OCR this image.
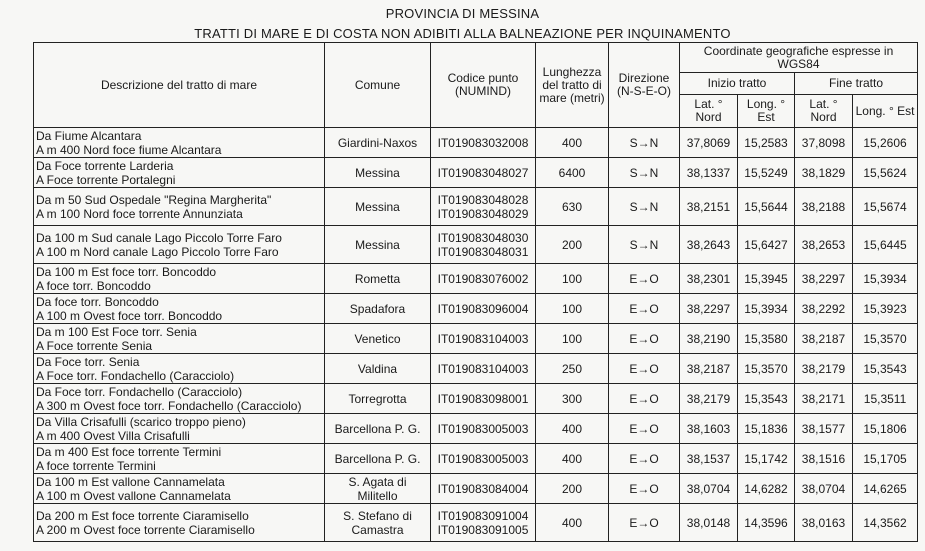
PROVINCIA DI MESSINA
TRATTI DI MARE E DI COSTA NON ADIBITI ALLA BALNEAZIONE PER INQUINAMENTO
Descrizione del tratto di mare	Comune	Codice punto (NUMIND)	Lunghezza del tratto di mare (metri)	Direzione (N-S-E-O)	Coordinate geografiche espresse in WGS84			
					Inizio tratto		Fine tratto	
					Lat. ° Nord	Long. ° Est	Lat. ° Nord	Long. ° Est

Da Fiume Alcantara
A m 400 Nord foce fiume Alcantara	Giardini-Naxos	IT019083032008	400	S→N	37,8069	15,2583	37,8098	15,2606

Da Foce torrente Larderia
A Foce torrente Portalegni	Messina	IT019083048027	6400	S→N	38,1337	15,5249	38,1829	15,5624

Da m 50 Sud Ospedale "Regina Margherita"
A m 100 Nord foce torrente Annunziata	Messina	IT019083048028 IT019083048029	630	S→N	38,2151	15,5644	38,2188	15,5674

Da 100 m Sud canale Lago Piccolo Torre Faro
A 100 m Nord canale Lago Piccolo Torre Faro	Messina	IT019083048030 IT019083048031	200	S→N	38,2643	15,6427	38,2653	15,6445

Da 100 m Est foce torr. Boncoddo
A foce torr. Boncoddo	Rometta	IT019083076002	100	E→O	38,2301	15,3945	38,2297	15,3934

Da foce torr. Boncoddo
A 100 m Ovest foce torr. Boncoddo	Spadafora	IT019083096004	100	E→O	38,2297	15,3934	38,2292	15,3923

Da m 100 Est Foce torr. Senia
A Foce torrente Senia	Venetico	IT019083104003	100	E→O	38,2190	15,3580	38,2187	15,3570

Da Foce torr. Senia
A Foce torr. Fondachello (Caracciolo)	Valdina	IT019083104003	250	E→O	38,2187	15,3570	38,2179	15,3543

Da Foce torr. Fondachello (Caracciolo)
A 300 m Ovest foce torr. Fondachello (Caracciolo)	Torregrotta	IT019083098001	300	E→O	38,2179	15,3543	38,2171	15,3511

Da Villa Crisafulli (scarico troppo pieno)
A m 400 Ovest Villa Crisafulli	Barcellona P. G.	IT019083005003	400	E→O	38,1603	15,1836	38,1577	15,1806

Da m 400 Est foce torrente Termini
A foce torrente Termini	Barcellona P. G.	IT019083005003	400	E→O	38,1537	15,1742	38,1516	15,1705

Da 100 m Est vallone Cannamelata
A 100 m Ovest vallone Cannamelata	S. Agata di Militello	IT019083084004	200	E→O	38,0704	14,6282	38,0704	14,6265

Da 200 m Est foce torrente Ciaramisello
A 200 m Ovest foce torrente Ciaramisello	S. Stefano di Camastra	IT019083091004 IT019083091005	400	E→O	38,0148	14,3596	38,0163	14,3562
